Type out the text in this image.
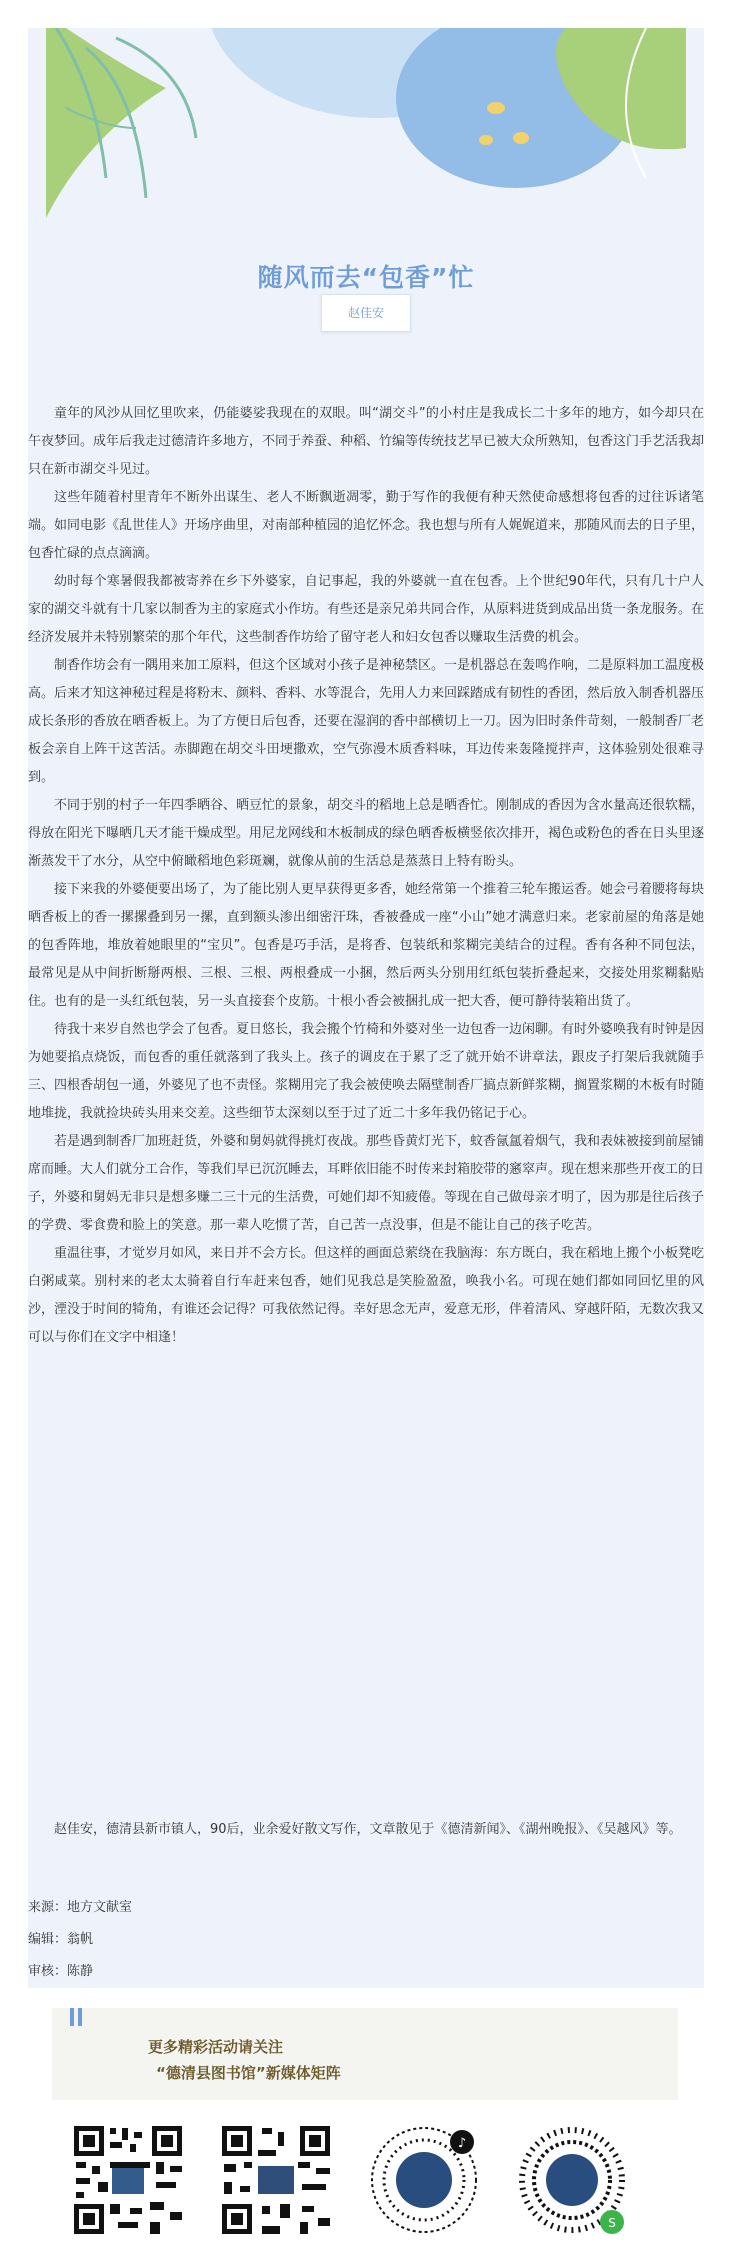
随风而去“包香”忙
赵佳安

童年的风沙从回忆里吹来，仍能婆娑我现在的双眼。叫“湖交斗”的小村庄是我成长二十多年的地方，如今却只在午夜梦回。成年后我走过德清许多地方，不同于养蚕、种稻、竹编等传统技艺早已被大众所熟知，包香这门手艺活我却只在新市湖交斗见过。

这些年随着村里青年不断外出谋生、老人不断飘逝凋零，勤于写作的我便有种天然使命感想将包香的过往诉诸笔端。如同电影《乱世佳人》开场序曲里，对南部种植园的追忆怀念。我也想与所有人娓娓道来，那随风而去的日子里，包香忙碌的点点滴滴。

幼时每个寒暑假我都被寄养在乡下外婆家，自记事起，我的外婆就一直在包香。上个世纪90年代，只有几十户人家的湖交斗就有十几家以制香为主的家庭式小作坊。有些还是亲兄弟共同合作，从原料进货到成品出货一条龙服务。在经济发展并未特别繁荣的那个年代，这些制香作坊给了留守老人和妇女包香以赚取生活费的机会。

制香作坊会有一隅用来加工原料，但这个区域对小孩子是神秘禁区。一是机器总在轰鸣作响，二是原料加工温度极高。后来才知这神秘过程是将粉末、颜料、香料、水等混合，先用人力来回踩踏成有韧性的香团，然后放入制香机器压成长条形的香放在晒香板上。为了方便日后包香，还要在湿润的香中部横切上一刀。因为旧时条件苛刻，一般制香厂老板会亲自上阵干这苦活。赤脚跑在胡交斗田埂撒欢，空气弥漫木质香料味，耳边传来轰隆搅拌声，这体验别处很难寻到。

不同于别的村子一年四季晒谷、晒豆忙的景象，胡交斗的稻地上总是晒香忙。刚制成的香因为含水量高还很软糯，得放在阳光下曝晒几天才能干燥成型。用尼龙网线和木板制成的绿色晒香板横竖依次排开，褐色或粉色的香在日头里逐渐蒸发干了水分，从空中俯瞰稻地色彩斑斓，就像从前的生活总是蒸蒸日上特有盼头。

接下来我的外婆便要出场了，为了能比别人更早获得更多香，她经常第一个推着三轮车搬运香。她会弓着腰将每块晒香板上的香一摞摞叠到另一摞，直到额头渗出细密汗珠，香被叠成一座“小山”她才满意归来。老家前屋的角落是她的包香阵地，堆放着她眼里的“宝贝”。包香是巧手活，是将香、包装纸和浆糊完美结合的过程。香有各种不同包法，最常见是从中间折断掰两根、三根、三根、两根叠成一小捆，然后两头分别用红纸包装折叠起来，交接处用浆糊黏贴住。也有的是一头红纸包装，另一头直接套个皮筋。十根小香会被捆扎成一把大香，便可静待装箱出货了。

待我十来岁自然也学会了包香。夏日悠长，我会搬个竹椅和外婆对坐一边包香一边闲聊。有时外婆唤我有时钟是因为她要掐点烧饭，而包香的重任就落到了我头上。孩子的调皮在于累了乏了就开始不讲章法，跟皮子打架后我就随手三、四根香胡包一通，外婆见了也不责怪。浆糊用完了我会被使唤去隔壁制香厂搞点新鲜浆糊，搁置浆糊的木板有时随地堆拢，我就捡块砖头用来交差。这些细节太深刻以至于过了近二十多年我仍铭记于心。

若是遇到制香厂加班赶货，外婆和舅妈就得挑灯夜战。那些昏黄灯光下，蚊香氤氲着烟气，我和表妹被接到前屋铺席而睡。大人们就分工合作，等我们早已沉沉睡去，耳畔依旧能不时传来封箱胶带的窸窣声。现在想来那些开夜工的日子，外婆和舅妈无非只是想多赚二三十元的生活费，可她们却不知疲倦。等现在自己做母亲才明了，因为那是往后孩子的学费、零食费和脸上的笑意。那一辈人吃惯了苦，自己苦一点没事，但是不能让自己的孩子吃苦。

重温往事，才觉岁月如风，来日并不会方长。但这样的画面总萦绕在我脑海：东方既白，我在稻地上搬个小板凳吃白粥咸菜。别村来的老太太骑着自行车赶来包香，她们见我总是笑脸盈盈，唤我小名。可现在她们都如同回忆里的风沙，湮没于时间的犄角，有谁还会记得？可我依然记得。幸好思念无声，爱意无形，伴着清风、穿越阡陌，无数次我又可以与你们在文字中相逢！

赵佳安，德清县新市镇人，90后，业余爱好散文写作，文章散见于《德清新闻》、《湖州晚报》、《吴越风》等。

来源：地方文献室
编辑：翁帆
审核：陈静
更多精彩活动请关注
“德清县图书馆”新媒体矩阵
♪
S
